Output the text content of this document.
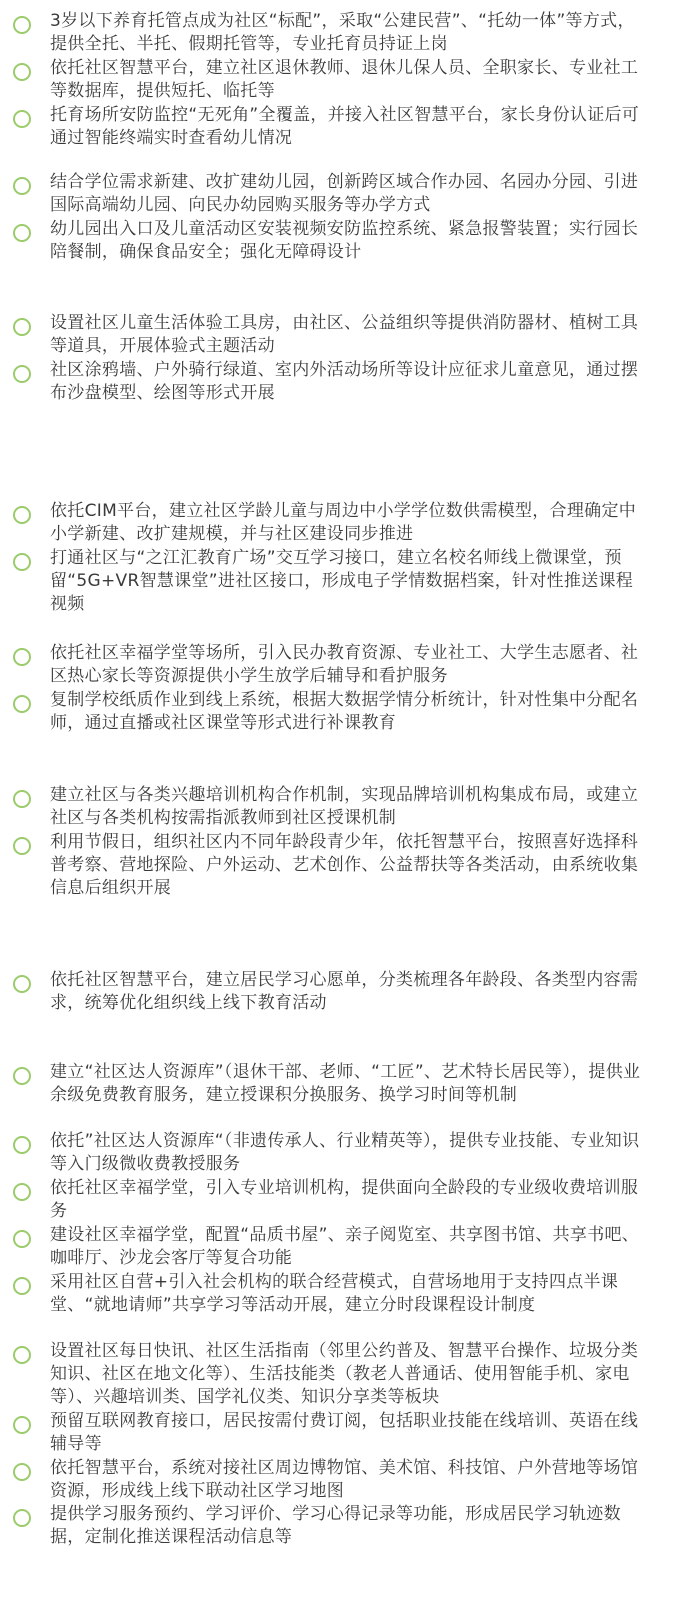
3岁以下养育托管点成为社区“标配”，采取“公建民营”、“托幼一体”等方式，提供全托、半托、假期托管等，专业托育员持证上岗
依托社区智慧平台，建立社区退休教师、退休儿保人员、全职家长、专业社工等数据库，提供短托、临托等
托育场所安防监控“无死角”全覆盖，并接入社区智慧平台，家长身份认证后可通过智能终端实时查看幼儿情况
结合学位需求新建、改扩建幼儿园，创新跨区域合作办园、名园办分园、引进国际高端幼儿园、向民办幼园购买服务等办学方式
幼儿园出入口及儿童活动区安装视频安防监控系统、紧急报警装置；实行园长陪餐制，确保食品安全；强化无障碍设计
设置社区儿童生活体验工具房，由社区、公益组织等提供消防器材、植树工具等道具，开展体验式主题活动
社区涂鸦墙、户外骑行绿道、室内外活动场所等设计应征求儿童意见，通过摆布沙盘模型、绘图等形式开展
依托CIM平台，建立社区学龄儿童与周边中小学学位数供需模型，合理确定中小学新建、改扩建规模，并与社区建设同步推进
打通社区与“之江汇教育广场”交互学习接口，建立名校名师线上微课堂，预留“5G+VR智慧课堂”进社区接口，形成电子学情数据档案，针对性推送课程视频
依托社区幸福学堂等场所，引入民办教育资源、专业社工、大学生志愿者、社区热心家长等资源提供小学生放学后辅导和看护服务
复制学校纸质作业到线上系统，根据大数据学情分析统计，针对性集中分配名师，通过直播或社区课堂等形式进行补课教育
建立社区与各类兴趣培训机构合作机制，实现品牌培训机构集成布局，或建立社区与各类机构按需指派教师到社区授课机制
利用节假日，组织社区内不同年龄段青少年，依托智慧平台，按照喜好选择科普考察、营地探险、户外运动、艺术创作、公益帮扶等各类活动，由系统收集信息后组织开展
依托社区智慧平台，建立居民学习心愿单，分类梳理各年龄段、各类型内容需求，统筹优化组织线上线下教育活动
建立“社区达人资源库”（退休干部、老师、“工匠”、艺术特长居民等），提供业余级免费教育服务，建立授课积分换服务、换学习时间等机制
依托”社区达人资源库“（非遗传承人、行业精英等），提供专业技能、专业知识等入门级微收费教授服务
依托社区幸福学堂，引入专业培训机构，提供面向全龄段的专业级收费培训服务
建设社区幸福学堂，配置“品质书屋”、亲子阅览室、共享图书馆、共享书吧、咖啡厅、沙龙会客厅等复合功能
采用社区自营+引入社会机构的联合经营模式，自营场地用于支持四点半课堂、“就地请师”共享学习等活动开展，建立分时段课程设计制度
设置社区每日快讯、社区生活指南（邻里公约普及、智慧平台操作、垃圾分类知识、社区在地文化等）、生活技能类（教老人普通话、使用智能手机、家电等）、兴趣培训类、国学礼仪类、知识分享类等板块
预留互联网教育接口，居民按需付费订阅，包括职业技能在线培训、英语在线辅导等
依托智慧平台，系统对接社区周边博物馆、美术馆、科技馆、户外营地等场馆资源，形成线上线下联动社区学习地图
提供学习服务预约、学习评价、学习心得记录等功能，形成居民学习轨迹数据，定制化推送课程活动信息等
